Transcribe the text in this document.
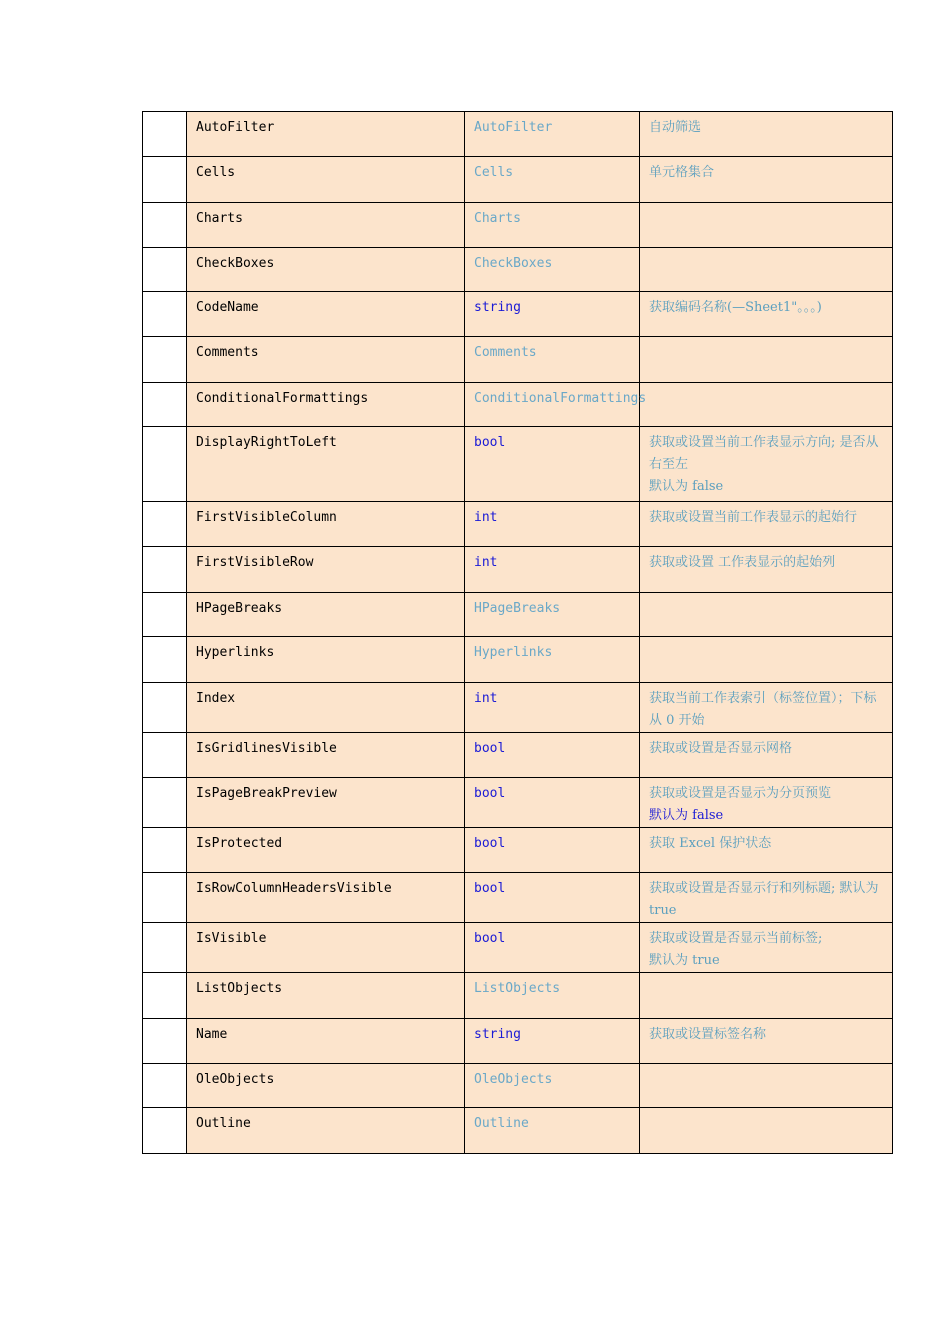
	AutoFilter	AutoFilter	自动筛选

	Cells	Cells	单元格集合

	Charts	Charts	
	CheckBoxes	CheckBoxes	
	CodeName	string	获取编码名称(—Sheet1"。。。)

	Comments	Comments	
	ConditionalFormattings	ConditionalFormattings	
	DisplayRightToLeft	bool	获取或设置当前工作表显示方向; 是否从右至左
默认为 false

	FirstVisibleColumn	int	获取或设置当前工作表显示的起始行

	FirstVisibleRow	int	获取或设置 工作表显示的起始列

	HPageBreaks	HPageBreaks	
	Hyperlinks	Hyperlinks	
	Index	int	获取当前工作表索引（标签位置）；下标从 0 开始

	IsGridlinesVisible	bool	获取或设置是否显示网格

	IsPageBreakPreview	bool	获取或设置是否显示为分页预览
默认为 false

	IsProtected	bool	获取 Excel 保护状态

	IsRowColumnHeadersVisible	bool	获取或设置是否显示行和列标题; 默认为 true

	IsVisible	bool	获取或设置是否显示当前标签;
默认为 true

	ListObjects	ListObjects	
	Name	string	获取或设置标签名称

	OleObjects	OleObjects	
	Outline	Outline	
